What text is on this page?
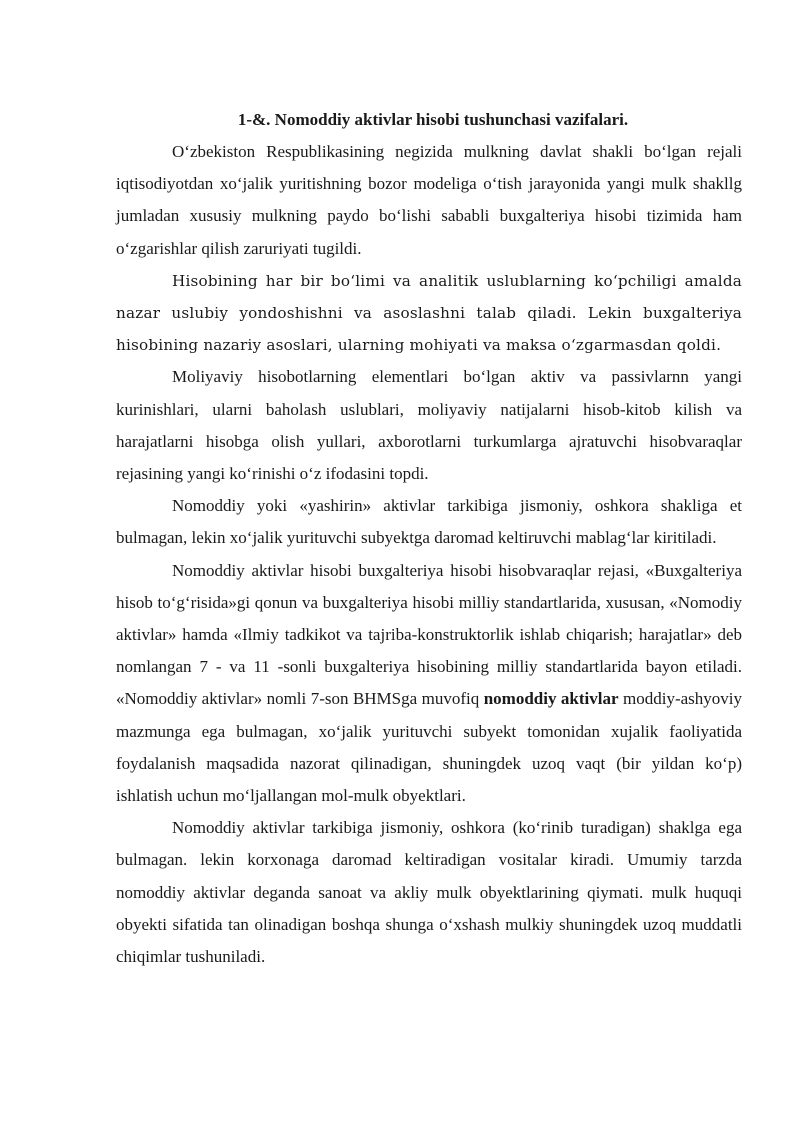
1-&. Nomoddiy aktivlar hisobi tushunchasi vazifalari.

O‘zbekiston Respublikasining negizida mulkning davlat shakli bo‘lgan rejali iqtisodiyotdan xo‘jalik yuritishning bozor modeliga o‘tish jarayonida yangi mulk shakllg jumladan xususiy mulkning paydo bo‘lishi sababli buxgalteriya hisobi tizimida ham o‘zgarishlar qilish zaruriyati tugildi.

Hisobining har bir bo‘limi va analitik uslublarning ko‘pchiligi amalda nazar uslubiy yondoshishni va asoslashni talab qiladi. Lekin buxgalteriya hisobining nazariy asoslari, ularning mohiyati va maksa o‘zgarmasdan qoldi.

Moliyaviy hisobotlarning elementlari bo‘lgan aktiv va passivlarnn yangi kurinishlari, ularni baholash uslublari, moliyaviy natijalarni hisob-kitob kilish va harajatlarni hisobga olish yullari, axborotlarni turkumlarga ajratuvchi hisobvaraqlar rejasining yangi ko‘rinishi o‘z ifodasini topdi.

Nomoddiy yoki «yashirin» aktivlar tarkibiga jismoniy, oshkora shakliga et bulmagan, lekin xo‘jalik yurituvchi subyektga daromad keltiruvchi mablag‘lar kiritiladi.

Nomoddiy aktivlar hisobi buxgalteriya hisobi hisobvaraqlar rejasi, «Buxgalteriya hisob to‘g‘risida»gi qonun va buxgalteriya hisobi milliy standartlarida, xususan, «Nomodiy aktivlar» hamda «Ilmiy tadkikot va tajriba-konstruktorlik ishlab chiqarish; harajatlar» deb nomlangan 7 - va 11 -sonli buxgalteriya hisobining milliy standartlarida bayon etiladi. «Nomoddiy aktivlar» nomli 7-son BHMSga muvofiq nomoddiy aktivlar moddiy-ashyoviy mazmunga ega bulmagan, xo‘jalik yurituvchi subyekt tomonidan xujalik faoliyatida foydalanish maqsadida nazorat qilinadigan, shuningdek uzoq vaqt (bir yildan ko‘p) ishlatish uchun mo‘ljallangan mol-mulk obyektlari.

Nomoddiy aktivlar tarkibiga jismoniy, oshkora (ko‘rinib turadigan) shaklga ega bulmagan. lekin korxonaga daromad keltiradigan vositalar kiradi. Umumiy tarzda nomoddiy aktivlar deganda sanoat va akliy mulk obyektlarining qiymati. mulk huquqi obyekti sifatida tan olinadigan boshqa shunga o‘xshash mulkiy shuningdek uzoq muddatli chiqimlar tushuniladi.
